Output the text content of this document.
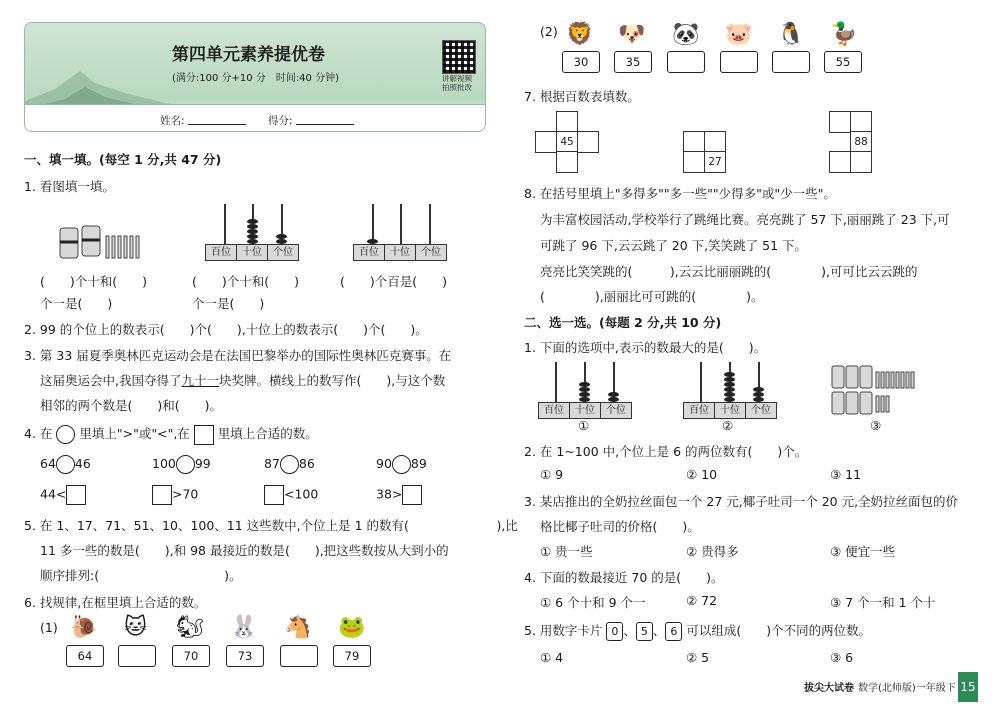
第四单元素养提优卷
(满分:100 分+10 分　时间:40 分钟)	讲解视频
拍照批改
姓名:	得分:
一、填一填。(每空 1 分,共 47 分)
1. 看图填一填。
百位	十位	个位	百位	十位	个位
(　　)个十和(　　)
个一是(　　)
(　　)个十和(　　)
个一是(　　)
(　　)个百是(　　)
2. 99 的个位上的数表示(　　)个(　　),十位上的数表示(　　)个(　　)。
3. 第 33 届夏季奥林匹克运动会是在法国巴黎举办的国际性奥林匹克赛事。在
这届奥运会中,我国夺得了九十一块奖牌。横线上的数写作(　　),与这个数
相邻的两个数是(　　)和(　　)。
4. 在 里填上">"或"<",在 里填上合适的数。
64 46	100 99	87 86	90 89
44<	>70	<100	38>
5. 在 1、17、71、51、10、100、11 这些数中,个位上是 1 的数有(　　　　　　　),比
11 多一些的数是(　　),和 98 最接近的数是(　　),把这些数按从大到小的
顺序排列:(　　　　　　　　　　)。
6. 找规律,在框里填上合适的数。
(1) 🐌 🐱 🐿 🐰 🐴 🐸
64	70	73	79
(2) 🦁 🐶 🐼 🐷 🐧 🦆
30	35	55
7. 根据百数表填数。
45
27
88
8. 在括号里填上"多得多""多一些""少得多"或"少一些"。
为丰富校园活动,学校举行了跳绳比赛。亮亮跳了 57 下,丽丽跳了 23 下,可
可跳了 96 下,云云跳了 20 下,笑笑跳了 51 下。
亮亮比笑笑跳的(　　　),云云比丽丽跳的(　　　　),可可比云云跳的
(　　　　),丽丽比可可跳的(　　　　)。
二、选一选。(每题 2 分,共 10 分)
1. 下面的选项中,表示的数最大的是(　　)。
百位	十位	个位
①
百位	十位	个位
②	③
2. 在 1~100 中,个位上是 6 的两位数有(　　)个。
① 9	② 10	③ 11
3. 某店推出的全奶拉丝面包一个 27 元,椰子吐司一个 20 元,全奶拉丝面包的价
格比椰子吐司的价格(　　)。
① 贵一些	② 贵得多	③ 便宜一些
4. 下面的数最接近 70 的是(　　)。
① 6 个十和 9 个一	② 72	③ 7 个一和 1 个十
5. 用数字卡片 0 、 5 、 6 可以组成(　　)个不同的两位数。
① 4	② 5	③ 6
拔尖大试卷 数学(北师版)一年级下 15
